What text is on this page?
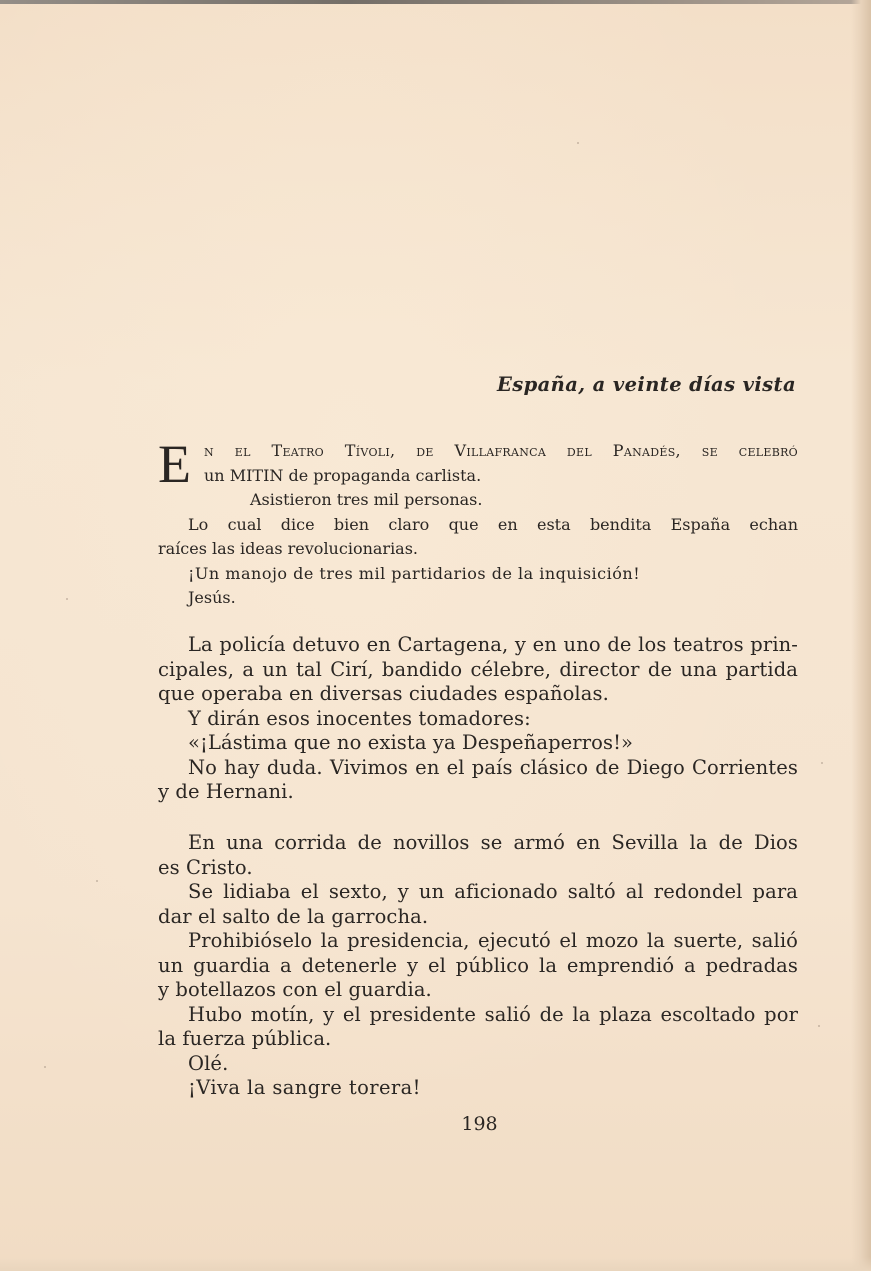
España, a veinte días vista
E n el Teatro Tívoli, de Villafranca del Panadés, se celebró
un MITIN de propaganda carlista.
Asistieron tres mil personas.
Lo cual dice bien claro que en esta bendita España echan
raíces las ideas revolucionarias.
¡Un manojo de tres mil partidarios de la inquisición!
Jesús.
La policía detuvo en Cartagena, y en uno de los teatros prin-
cipales, a un tal Cirí, bandido célebre, director de una partida
que operaba en diversas ciudades españolas.
Y dirán esos inocentes tomadores:
«¡Lástima que no exista ya Despeñaperros!»
No hay duda. Vivimos en el país clásico de Diego Corrientes
y de Hernani.
En una corrida de novillos se armó en Sevilla la de Dios
es Cristo.
Se lidiaba el sexto, y un aficionado saltó al redondel para
dar el salto de la garrocha.
Prohibióselo la presidencia, ejecutó el mozo la suerte, salió
un guardia a detenerle y el público la emprendió a pedradas
y botellazos con el guardia.
Hubo motín, y el presidente salió de la plaza escoltado por
la fuerza pública.
Olé.
¡Viva la sangre torera!
198
